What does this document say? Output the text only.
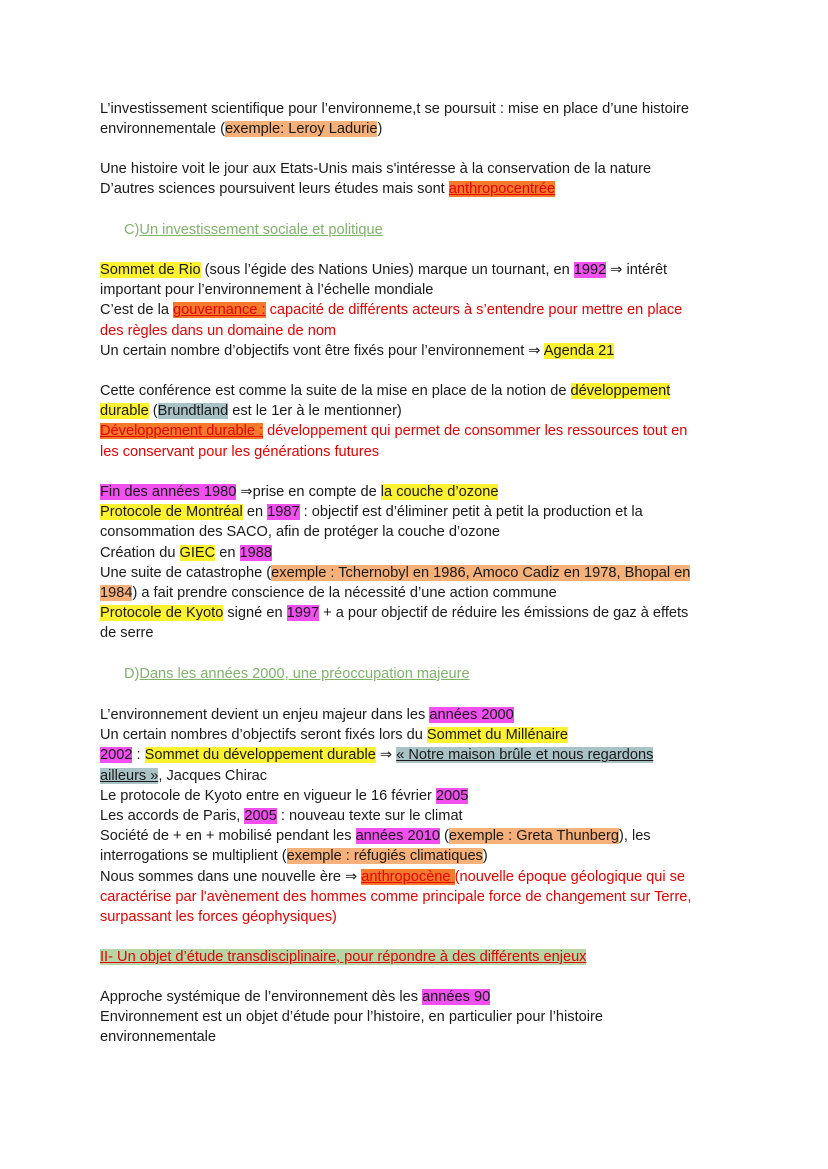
L’investissement scientifique pour l’environneme,t se poursuit : mise en place d’une histoire
environnementale (exemple: Leroy Ladurie)
Une histoire voit le jour aux Etats-Unis mais s'intéresse à la conservation de la nature
D’autres sciences poursuivent leurs études mais sont anthropocentrée
C)Un investissement sociale et politique
Sommet de Rio (sous l’égide des Nations Unies) marque un tournant, en 1992 ⇒ intérêt
important pour l’environnement à l’échelle mondiale
C’est de la gouvernance : capacité de différents acteurs à s’entendre pour mettre en place
des règles dans un domaine de nom
Un certain nombre d’objectifs vont être fixés pour l’environnement ⇒ Agenda 21
Cette conférence est comme la suite de la mise en place de la notion de développement
durable (Brundtland est le 1er à le mentionner)
Développement durable : développement qui permet de consommer les ressources tout en
les conservant pour les générations futures
Fin des années 1980 ⇒prise en compte de la couche d’ozone
Protocole de Montréal en 1987 : objectif est d’éliminer petit à petit la production et la
consommation des SACO, afin de protéger la couche d’ozone
Création du GIEC en 1988
Une suite de catastrophe (exemple : Tchernobyl en 1986, Amoco Cadiz en 1978, Bhopal en
1984) a fait prendre conscience de la nécessité d’une action commune
Protocole de Kyoto signé en 1997 + a pour objectif de réduire les émissions de gaz à effets
de serre
D)Dans les années 2000, une préoccupation majeure
L’environnement devient un enjeu majeur dans les années 2000
Un certain nombres d’objectifs seront fixés lors du Sommet du Millénaire
2002 : Sommet du développement durable ⇒ « Notre maison brûle et nous regardons
ailleurs », Jacques Chirac
Le protocole de Kyoto entre en vigueur le 16 février 2005
Les accords de Paris, 2005 : nouveau texte sur le climat
Société de + en + mobilisé pendant les années 2010 (exemple : Greta Thunberg), les
interrogations se multiplient (exemple : réfugiés climatiques)
Nous sommes dans une nouvelle ère ⇒ anthropocène (nouvelle époque géologique qui se
caractérise par l'avènement des hommes comme principale force de changement sur Terre,
surpassant les forces géophysiques)
II- Un objet d’étude transdisciplinaire, pour répondre à des différents enjeux
Approche systémique de l’environnement dès les années 90
Environnement est un objet d’étude pour l’histoire, en particulier pour l’histoire
environnementale
